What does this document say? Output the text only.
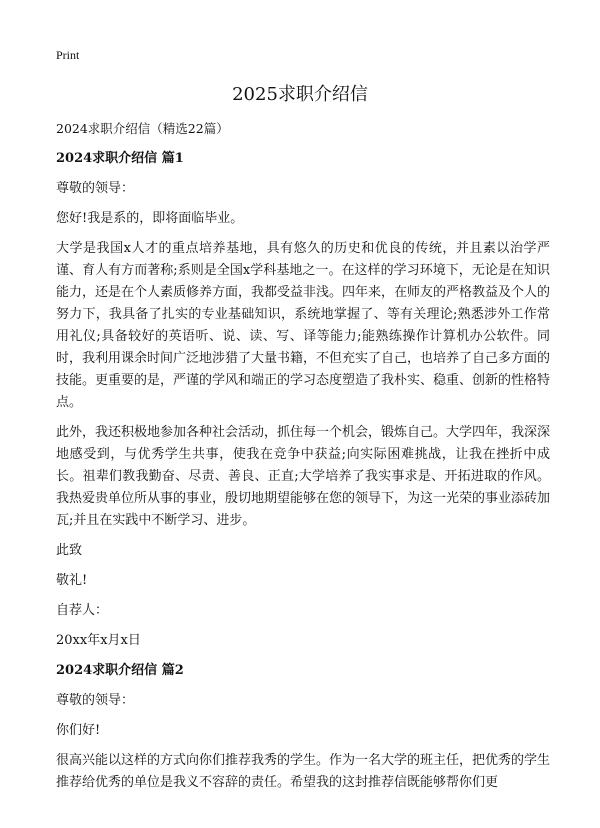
Print
2025求职介绍信
2024求职介绍信（精选22篇）
2024求职介绍信 篇1
尊敬的领导：
您好!我是系的，即将面临毕业。
大学是我国x人才的重点培养基地，具有悠久的历史和优良的传统，并且素以治学严谨、育人有方而著称;系则是全国x学科基地之一。在这样的学习环境下，无论是在知识能力，还是在个人素质修养方面，我都受益非浅。四年来，在师友的严格教益及个人的努力下，我具备了扎实的专业基础知识，系统地掌握了、等有关理论;熟悉涉外工作常用礼仪;具备较好的英语听、说、读、写、译等能力;能熟练操作计算机办公软件。同时，我利用课余时间广泛地涉猎了大量书籍，不但充实了自己，也培养了自己多方面的技能。更重要的是，严谨的学风和端正的学习态度塑造了我朴实、稳重、创新的性格特点。
此外，我还积极地参加各种社会活动，抓住每一个机会，锻炼自己。大学四年，我深深地感受到，与优秀学生共事，使我在竞争中获益;向实际困难挑战，让我在挫折中成长。祖辈们教我勤奋、尽责、善良、正直;大学培养了我实事求是、开拓进取的作风。我热爱贵单位所从事的事业，殷切地期望能够在您的领导下，为这一光荣的事业添砖加瓦;并且在实践中不断学习、进步。
此致
敬礼!
自荐人：
20xx年x月x日
2024求职介绍信 篇2
尊敬的领导：
你们好!
很高兴能以这样的方式向你们推荐我秀的学生。作为一名大学的班主任，把优秀的学生推荐给优秀的单位是我义不容辞的责任。希望我的这封推荐信既能够帮你们更
